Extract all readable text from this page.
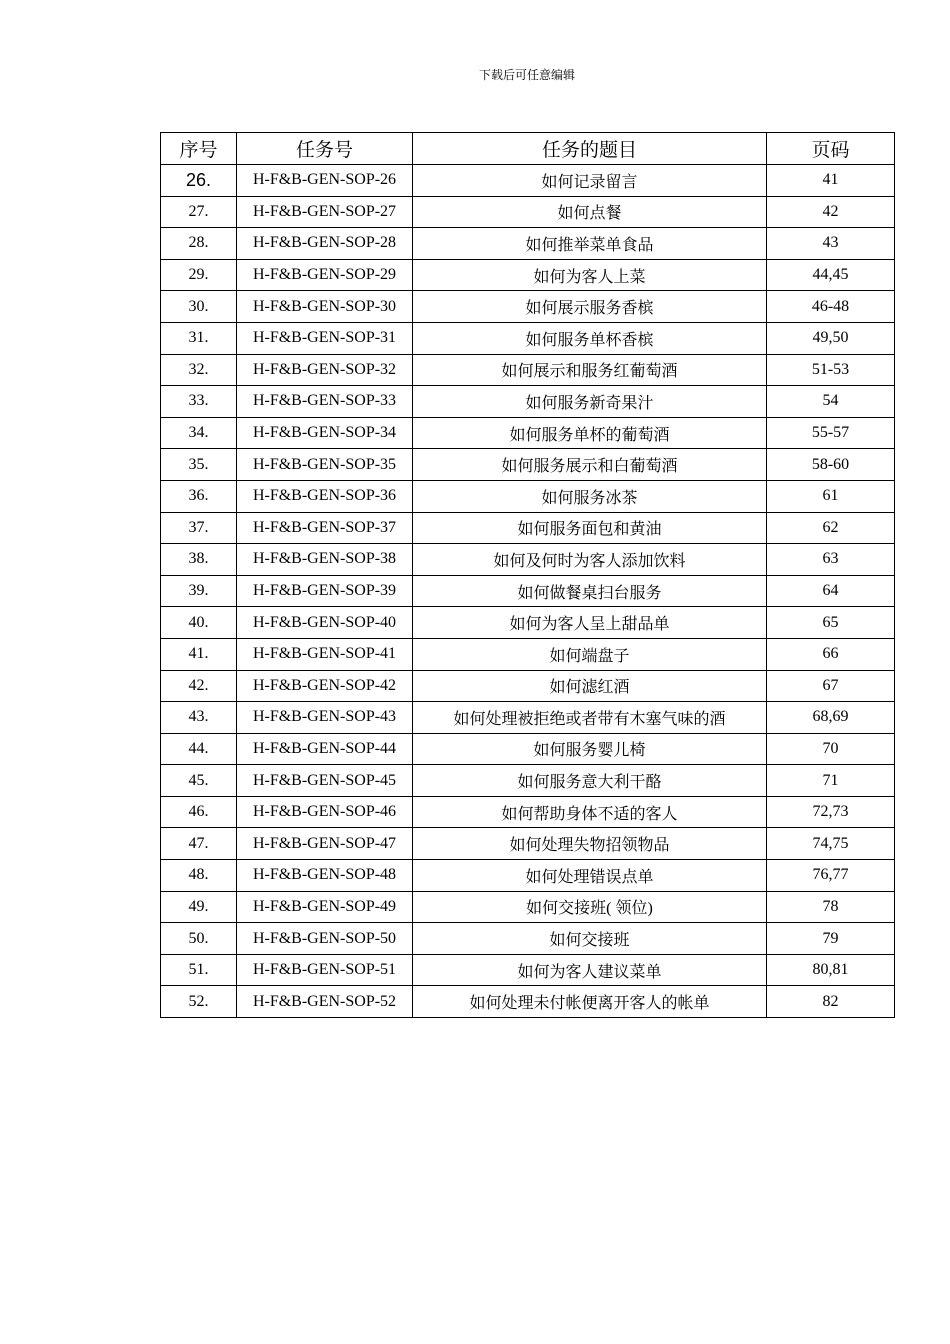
下载后可任意编辑
序号	任务号	任务的题目	页码
26.	H-F&B-GEN-SOP-26	如何记录留言	41
27.	H-F&B-GEN-SOP-27	如何点餐	42
28.	H-F&B-GEN-SOP-28	如何推举菜单食品	43
29.	H-F&B-GEN-SOP-29	如何为客人上菜	44,45
30.	H-F&B-GEN-SOP-30	如何展示服务香槟	46-48
31.	H-F&B-GEN-SOP-31	如何服务单杯香槟	49,50
32.	H-F&B-GEN-SOP-32	如何展示和服务红葡萄酒	51-53
33.	H-F&B-GEN-SOP-33	如何服务新奇果汁	54
34.	H-F&B-GEN-SOP-34	如何服务单杯的葡萄酒	55-57
35.	H-F&B-GEN-SOP-35	如何服务展示和白葡萄酒	58-60
36.	H-F&B-GEN-SOP-36	如何服务冰茶	61
37.	H-F&B-GEN-SOP-37	如何服务面包和黄油	62
38.	H-F&B-GEN-SOP-38	如何及何时为客人添加饮料	63
39.	H-F&B-GEN-SOP-39	如何做餐桌扫台服务	64
40.	H-F&B-GEN-SOP-40	如何为客人呈上甜品单	65
41.	H-F&B-GEN-SOP-41	如何端盘子	66
42.	H-F&B-GEN-SOP-42	如何滤红酒	67
43.	H-F&B-GEN-SOP-43	如何处理被拒绝或者带有木塞气味的酒	68,69
44.	H-F&B-GEN-SOP-44	如何服务婴儿椅	70
45.	H-F&B-GEN-SOP-45	如何服务意大利干酪	71
46.	H-F&B-GEN-SOP-46	如何帮助身体不适的客人	72,73
47.	H-F&B-GEN-SOP-47	如何处理失物招领物品	74,75
48.	H-F&B-GEN-SOP-48	如何处理错误点单	76,77
49.	H-F&B-GEN-SOP-49	如何交接班( 领位)	78
50.	H-F&B-GEN-SOP-50	如何交接班	79
51.	H-F&B-GEN-SOP-51	如何为客人建议菜单	80,81
52.	H-F&B-GEN-SOP-52	如何处理未付帐便离开客人的帐单	82
